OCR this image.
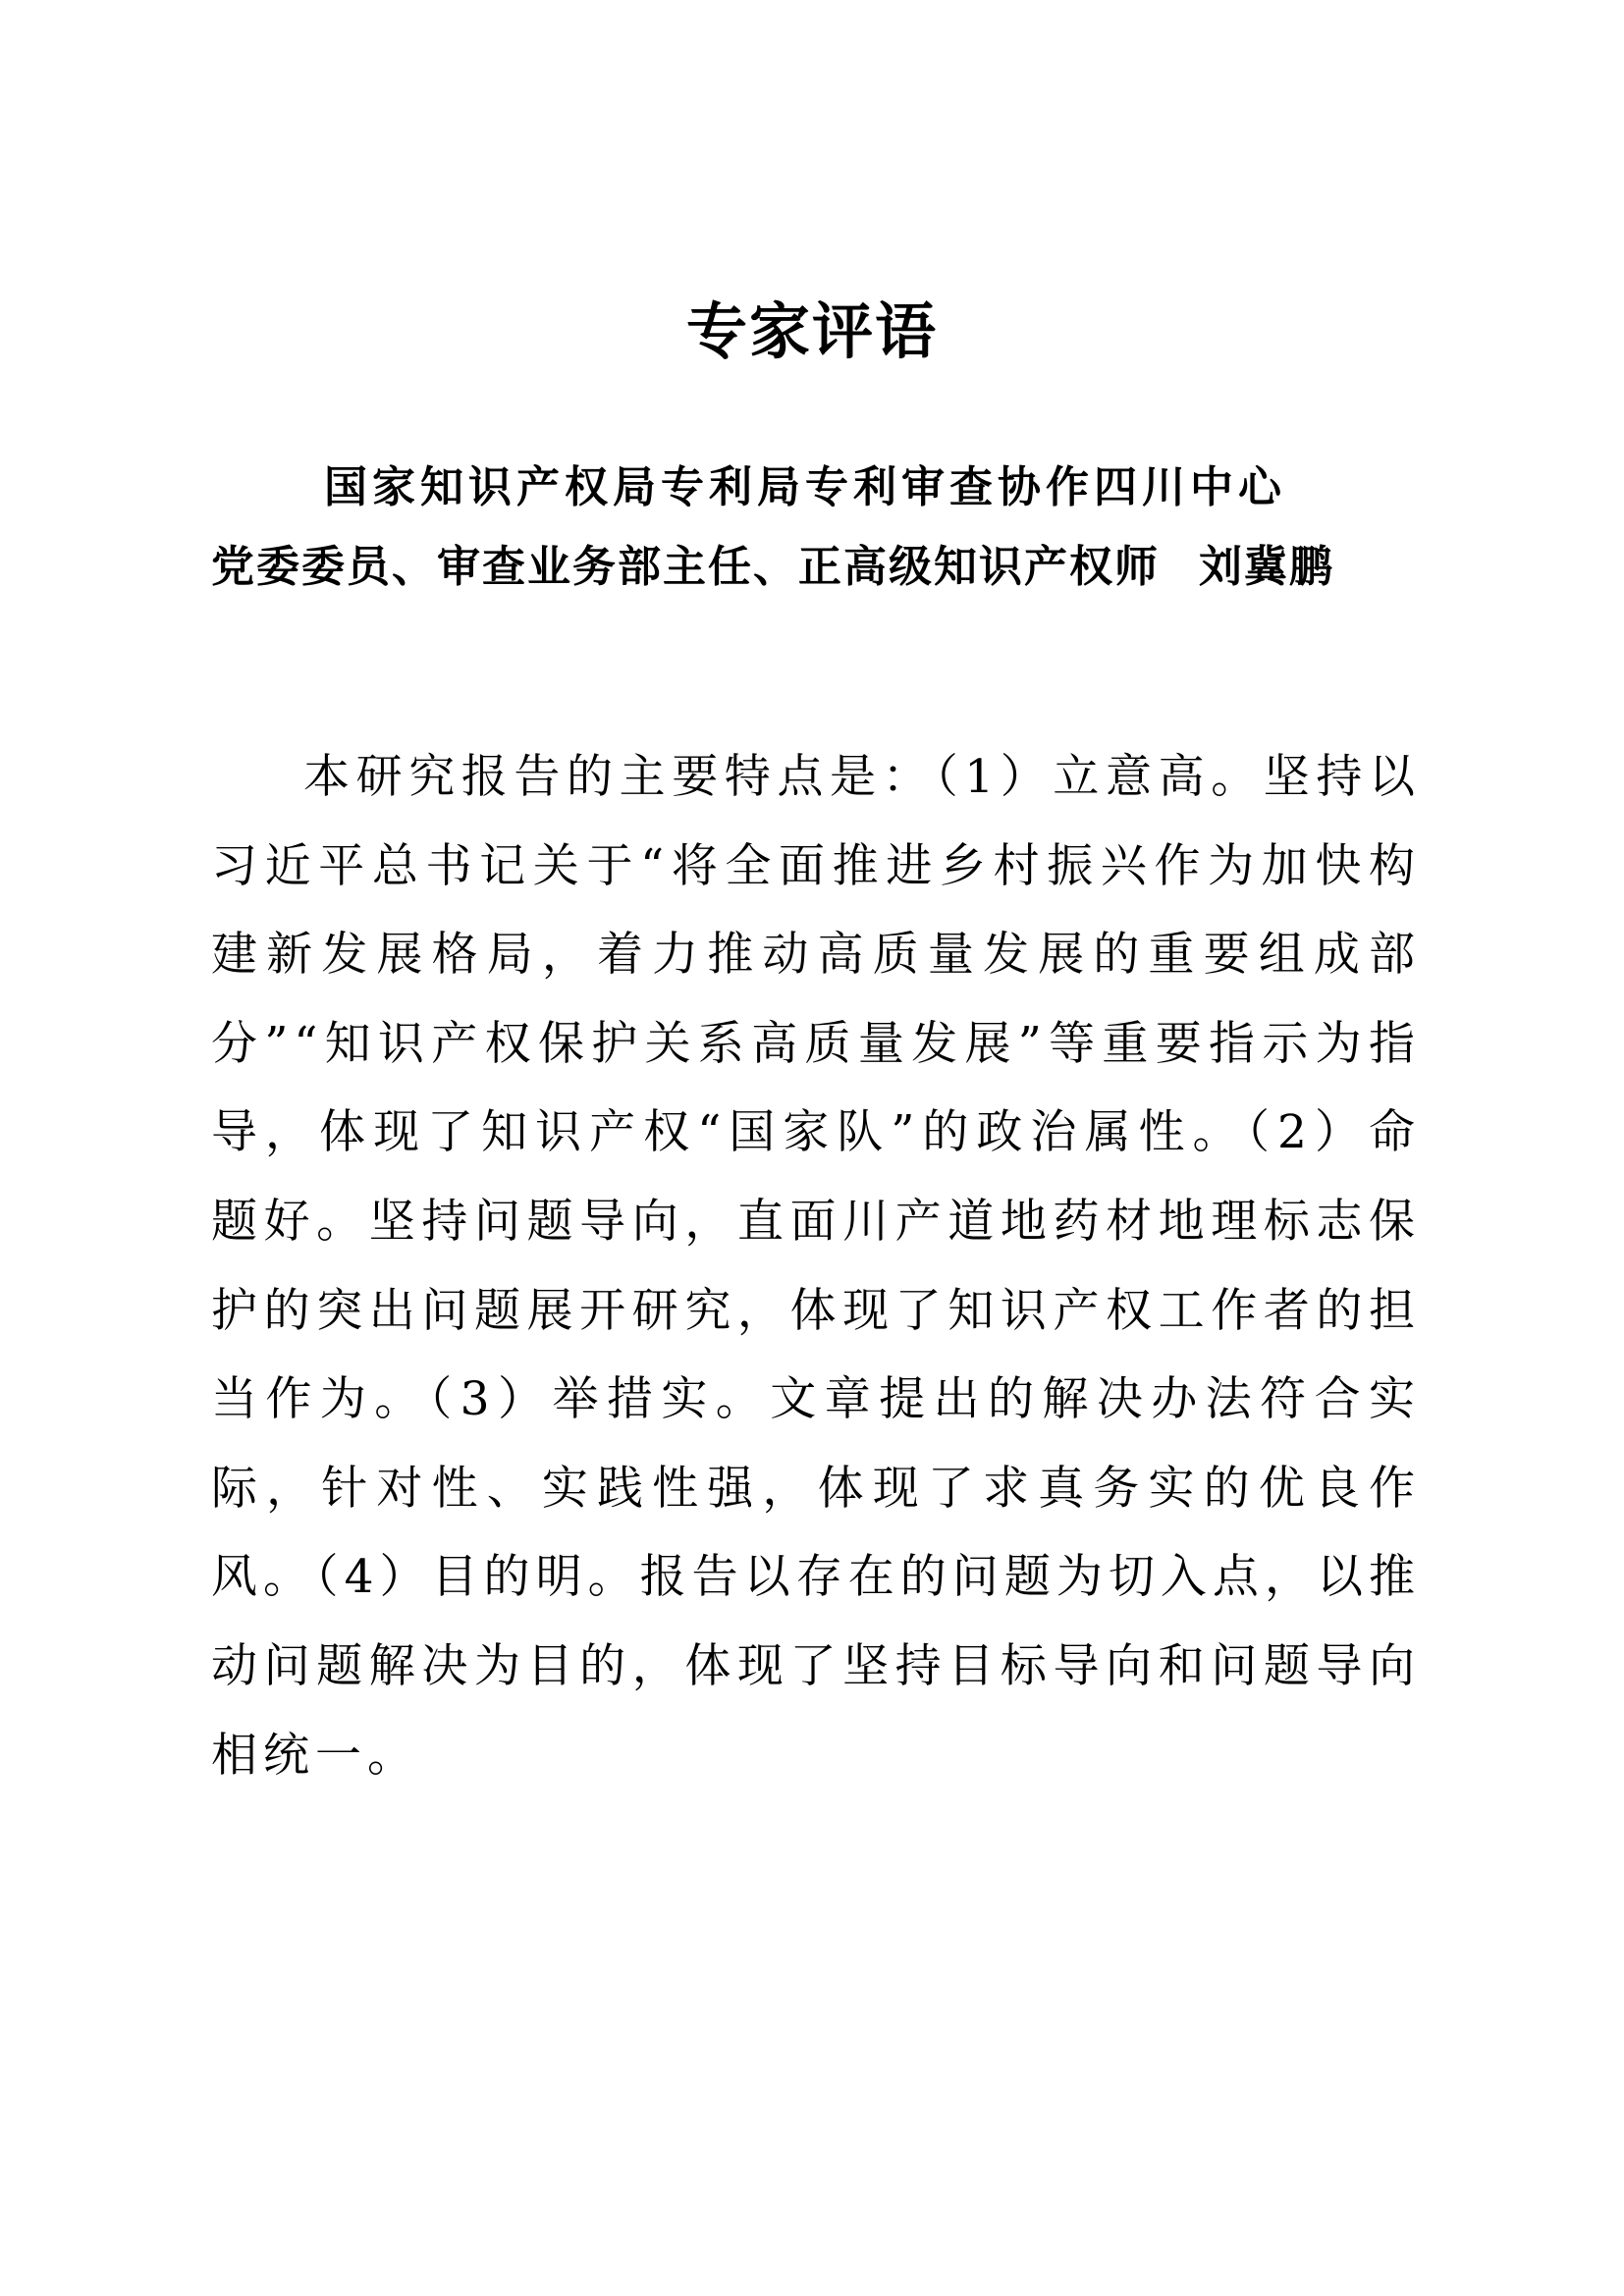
专家评语
国家知识产权局专利局专利审查协作四川中心
党委委员、审查业务部主任、正高级知识产权师 刘冀鹏

本研究报告的主要特点是：（1）立意高。坚持以习近平总书记关于“将全面推进乡村振兴作为加快构建新发展格局，着力推动高质量发展的重要组成部分”“知识产权保护关系高质量发展”等重要指示为指导，体现了知识产权“国家队”的政治属性。（2）命题好。坚持问题导向，直面川产道地药材地理标志保护的突出问题展开研究，体现了知识产权工作者的担当作为。（3）举措实。文章提出的解决办法符合实际，针对性、实践性强，体现了求真务实的优良作风。（4）目的明。报告以存在的问题为切入点，以推动问题解决为目的，体现了坚持目标导向和问题导向相统一。
